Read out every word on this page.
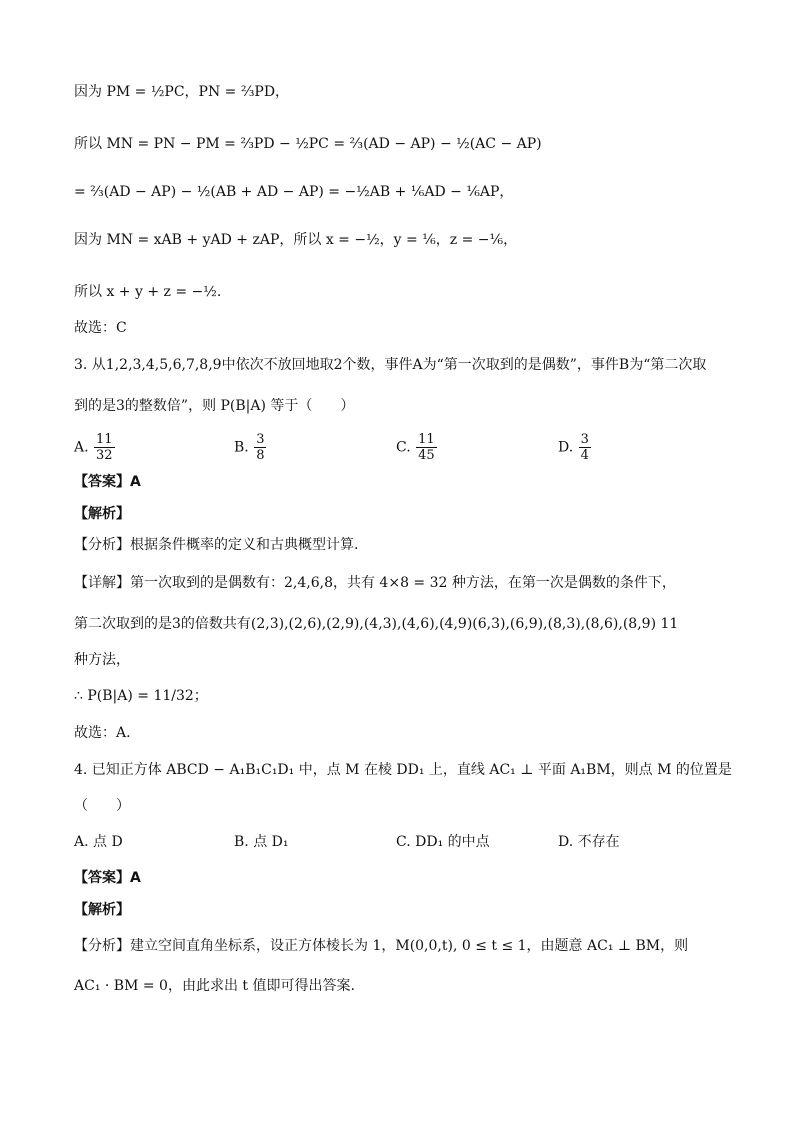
因为 PM = ½PC，PN = ⅔PD，
所以 MN = PN − PM = ⅔PD − ½PC = ⅔(AD − AP) − ½(AC − AP)
= ⅔(AD − AP) − ½(AB + AD − AP) = −½AB + ⅙AD − ⅙AP，
因为 MN = xAB + yAD + zAP，所以 x = −½，y = ⅙，z = −⅙，
所以 x + y + z = −½.
故选：C
3. 从1,2,3,4,5,6,7,8,9中依次不放回地取2个数，事件A为“第一次取到的是偶数”，事件B为“第二次取
到的是3的整数倍”，则 P(B|A) 等于（　　）
A. $\frac{11}{32}$	B. $\frac{3}{8}$	C. $\frac{11}{45}$	D. $\frac{3}{4}$
【答案】A
【解析】
【分析】根据条件概率的定义和古典概型计算.
【详解】第一次取到的是偶数有：2,4,6,8，共有 4×8 = 32 种方法，在第一次是偶数的条件下，
第二次取到的是3的倍数共有(2,3),(2,6),(2,9),(4,3),(4,6),(4,9)(6,3),(6,9),(8,3),(8,6),(8,9) 11
种方法，
∴ P(B|A) = 11/32；
故选：A.
4. 已知正方体 ABCD − A₁B₁C₁D₁ 中，点 M 在棱 DD₁ 上，直线 AC₁ ⊥ 平面 A₁BM，则点 M 的位置是
（　　）
A. 点 D	B. 点 D₁	C. DD₁ 的中点	D. 不存在
【答案】A
【解析】
【分析】建立空间直角坐标系，设正方体棱长为 1，M(0,0,t), 0 ≤ t ≤ 1，由题意 AC₁ ⊥ BM，则
AC₁ · BM = 0，由此求出 t 值即可得出答案.
